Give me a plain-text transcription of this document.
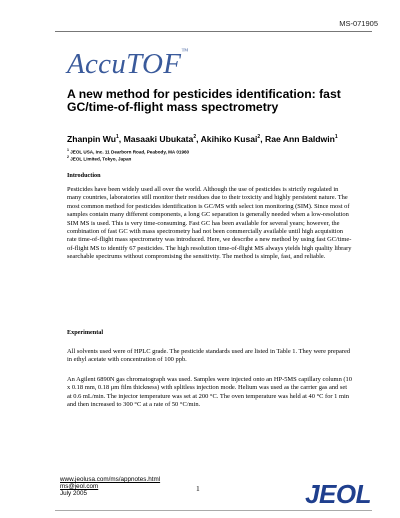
MS-071905
AccuTOF™
A new method for pesticides identification: fast GC/time-of-flight mass spectrometry

Zhanpin Wu$^1$, Masaaki Ubukata$^2$, Akihiko Kusai$^2$, Rae Ann Baldwin$^1$

$^1$ JEOL USA, Inc. 11 Dearborn Road, Peabody, MA 01960

$^2$ JEOL Limited, Tokyo, Japan

Introduction

Pesticides have been widely used all over the world. Although the use of pesticides is strictly regulated in many countries, laboratories still monitor their residues due to their toxicity and highly persistent nature. The most common method for pesticides identification is GC/MS with select ion monitoring (SIM). Since most of samples contain many different components, a long GC separation is generally needed when a low-resolution SIM MS is used. This is very time-consuming. Fast GC has been available for several years; however, the combination of fast GC with mass spectrometry had not been commercially available until high acquisition rate time-of-flight mass spectrometry was introduced. Here, we describe a new method by using fast GC/time-of-flight MS to identify 67 pesticides. The high resolution time-of-flight MS always yields high quality library searchable spectrums without compromising the sensitivity. The method is simple, fast, and reliable.

Experimental

All solvents used were of HPLC grade. The pesticide standards used are listed in Table 1. They were prepared in ethyl acetate with concentration of 100 ppb.

An Agilent 6890N gas chromatograph was used. Samples were injected onto an HP-5MS capillary column (10 x 0.18 mm, 0.18 μm film thickness) with splitless injection mode. Helium was used as the carrier gas and set at 0.6 mL/min. The injector temperature was set at 200 °C. The oven temperature was held at 40 °C for 1 min and then increased to 300 °C at a rate of 50 °C/min.

www.jeolusa.com/ms/appnotes.html
ms@jeol.com
July 2005
1	JEOL
